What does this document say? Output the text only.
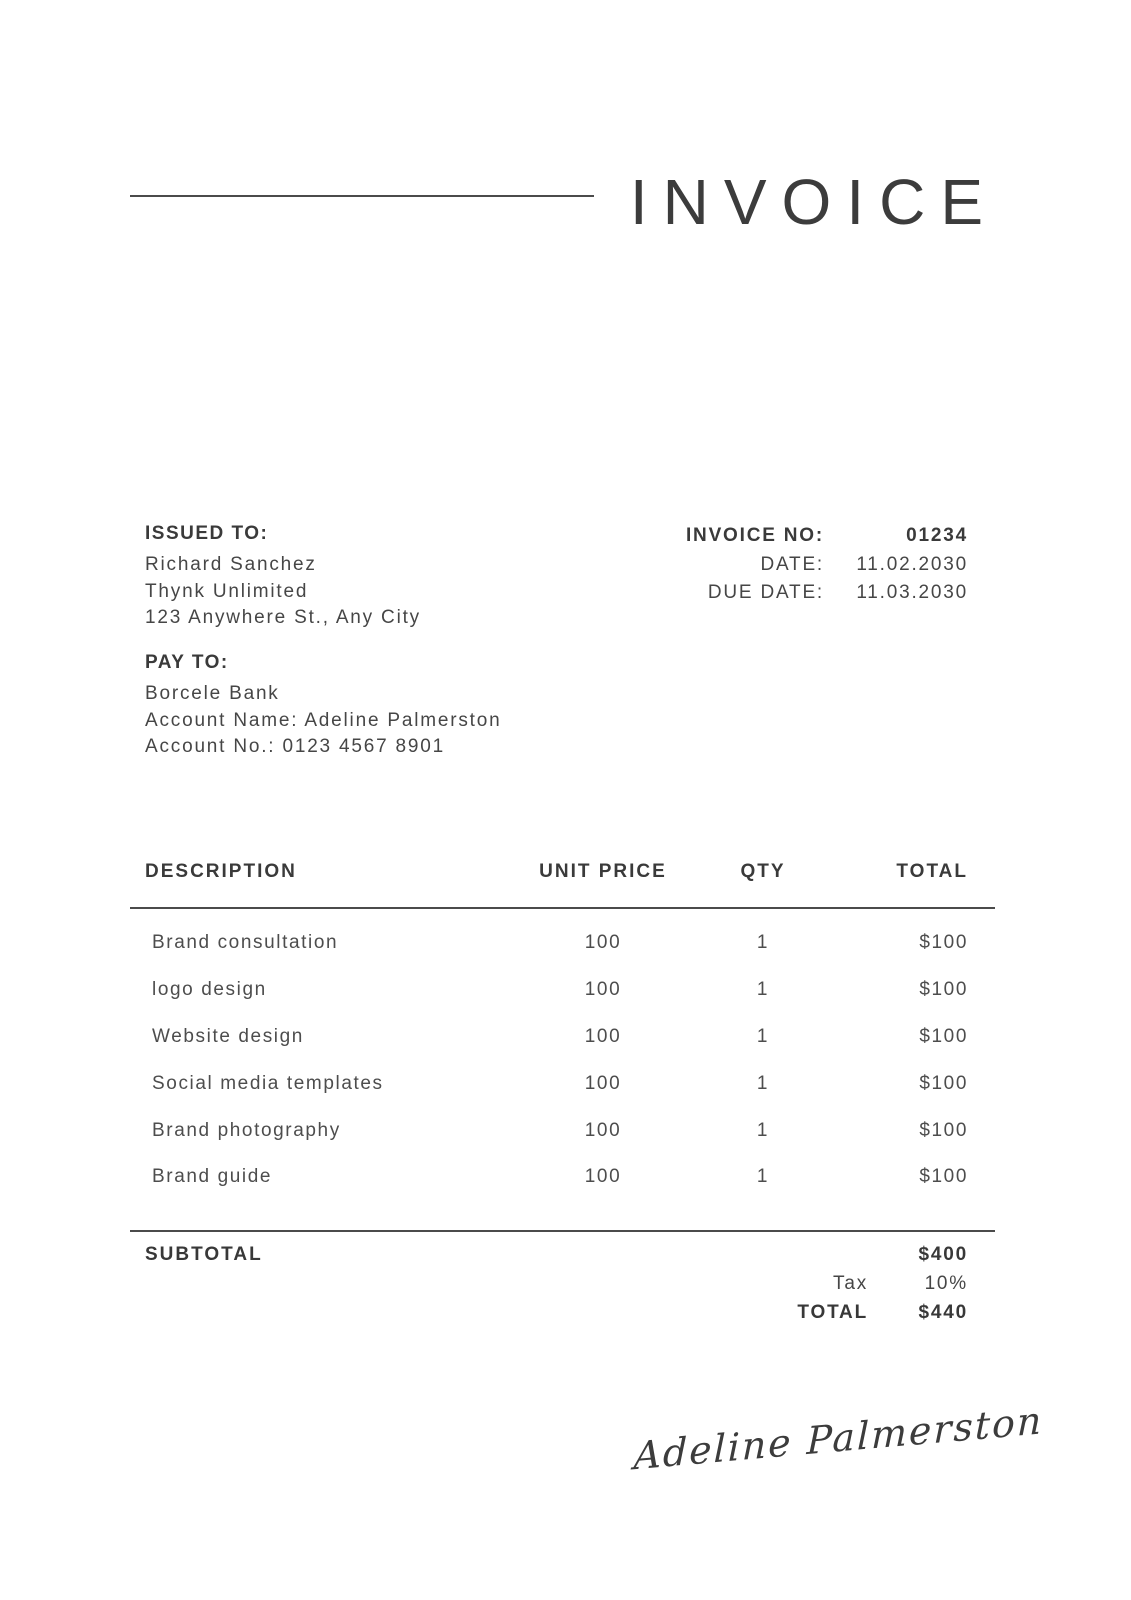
INVOICE
ISSUED TO:
Richard Sanchez
Thynk Unlimited
123 Anywhere St., Any City
INVOICE NO:	01234
DATE:	11.02.2030
DUE DATE:	11.03.2030
PAY TO:
Borcele Bank
Account Name: Adeline Palmerston
Account No.: 0123 4567 8901
DESCRIPTION	UNIT PRICE	QTY	TOTAL
Brand consultation	100	1	$100
logo design	100	1	$100
Website design	100	1	$100
Social media templates	100	1	$100
Brand photography	100	1	$100
Brand guide	100	1	$100
SUBTOTAL	$400
Tax	10%
TOTAL	$440
Adeline Palmerston
